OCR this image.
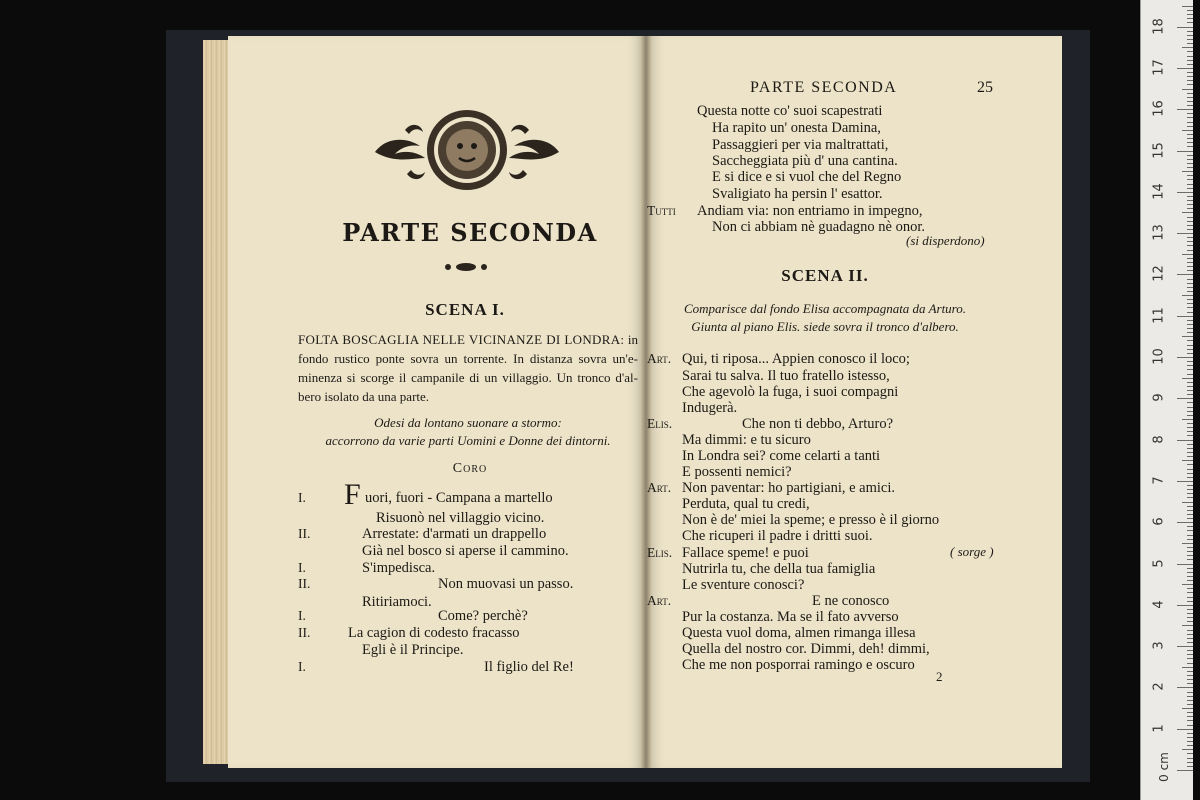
PARTE SECONDA
SCENA I.
FOLTA BOSCAGLIA NELLE VICINANZE DI LONDRA: in fondo rustico ponte sovra un torrente. In distanza sovra un'e- minenza si scorge il campanile di un villaggio. Un tronco d'al- bero isolato da una parte.
Odesi da lontano suonare a stormo:
accorrono da varie parti Uomini e Donne dei dintorni.
Coro
F
I.	uori, fuori - Campana a martello
Risuonò nel villaggio vicino.
II.	Arrestate: d'armati un drappello
Già nel bosco si aperse il cammino.
I.	S'impedisca.
II.	Non muovasi un passo.
Ritiriamoci.
I.	Come? perchè?
II.	La cagion di codesto fracasso
Egli è il Principe.
I.	Il figlio del Re!
PARTE SECONDA	25
Questa notte co' suoi scapestrati
Ha rapito un' onesta Damina,
Passaggieri per via maltrattati,
Saccheggiata più d' una cantina.
E si dice e si vuol che del Regno
Svaligiato ha persin l' esattor.
Tutti Andiam via: non entriamo in impegno,
Non ci abbiam nè guadagno nè onor.
(si disperdono)
SCENA II.
Comparisce dal fondo Elisa accompagnata da Arturo.
Giunta al piano Elis. siede sovra il tronco d'albero.
Art. Qui, ti riposa... Appien conosco il loco;
Sarai tu salva. Il tuo fratello istesso,
Che agevolò la fuga, i suoi compagni
Indugerà.
Elis.	Che non ti debbo, Arturo?
Ma dimmi: e tu sicuro
In Londra sei? come celarti a tanti
E possenti nemici?
Art. Non paventar: ho partigiani, e amici.
Perduta, qual tu credi,
Non è de' miei la speme; e presso è il giorno
Che ricuperi il padre i dritti suoi.
Elis. Fallace speme! e puoi	( sorge )
Nutrirla tu, che della tua famiglia
Le sventure conosci?
Art.	E ne conosco
Pur la costanza. Ma se il fato avverso
Questa vuol doma, almen rimanga illesa
Quella del nostro cor. Dimmi, deh! dimmi,
Che me non posporrai ramingo e oscuro
2
0 cm
1
2
3
4
5
6
7
8
9
10
11
12
13
14
15
16
17
18
